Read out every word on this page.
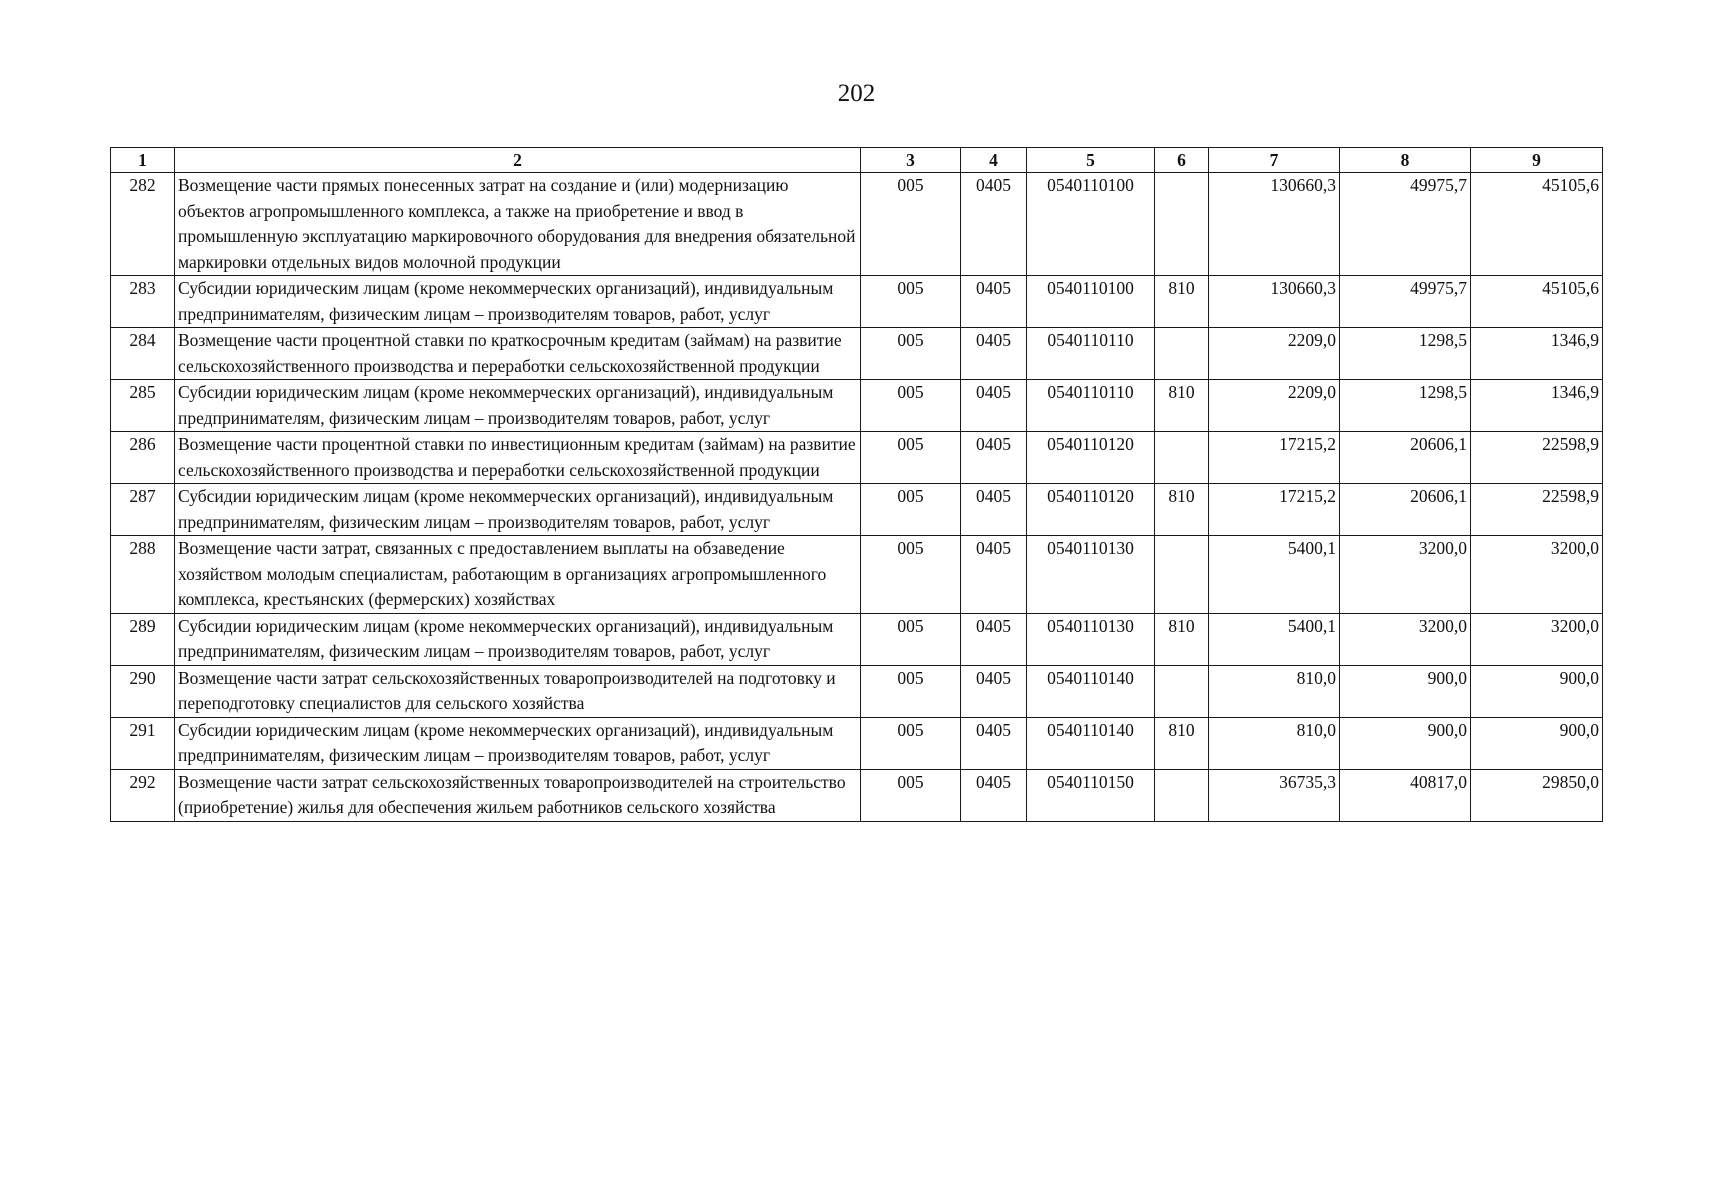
202
1	2	3	4	5	6	7	8	9
282	Возмещение части прямых понесенных затрат на создание и (или) модернизацию объектов агропромышленного комплекса, а также на приобретение и ввод в промышленную эксплуатацию маркировочного оборудования для внедрения обязательной маркировки отдельных видов молочной продукции	005	0405	0540110100		130660,3	49975,7	45105,6
283	Субсидии юридическим лицам (кроме некоммерческих организаций), индивидуальным предпринимателям, физическим лицам – производителям товаров, работ, услуг	005	0405	0540110100	810	130660,3	49975,7	45105,6
284	Возмещение части процентной ставки по краткосрочным кредитам (займам) на развитие сельскохозяйственного производства и переработки сельскохозяйственной продукции	005	0405	0540110110		2209,0	1298,5	1346,9
285	Субсидии юридическим лицам (кроме некоммерческих организаций), индивидуальным предпринимателям, физическим лицам – производителям товаров, работ, услуг	005	0405	0540110110	810	2209,0	1298,5	1346,9
286	Возмещение части процентной ставки по инвестиционным кредитам (займам) на развитие сельскохозяйственного производства и переработки сельскохозяйственной продукции	005	0405	0540110120		17215,2	20606,1	22598,9
287	Субсидии юридическим лицам (кроме некоммерческих организаций), индивидуальным предпринимателям, физическим лицам – производителям товаров, работ, услуг	005	0405	0540110120	810	17215,2	20606,1	22598,9
288	Возмещение части затрат, связанных с предоставлением выплаты на обзаведение хозяйством молодым специалистам, работающим в организациях агропромышленного комплекса, крестьянских (фермерских) хозяйствах	005	0405	0540110130		5400,1	3200,0	3200,0
289	Субсидии юридическим лицам (кроме некоммерческих организаций), индивидуальным предпринимателям, физическим лицам – производителям товаров, работ, услуг	005	0405	0540110130	810	5400,1	3200,0	3200,0
290	Возмещение части затрат сельскохозяйственных товаропроизводителей на подготовку и переподготовку специалистов для сельского хозяйства	005	0405	0540110140		810,0	900,0	900,0
291	Субсидии юридическим лицам (кроме некоммерческих организаций), индивидуальным предпринимателям, физическим лицам – производителям товаров, работ, услуг	005	0405	0540110140	810	810,0	900,0	900,0
292	Возмещение части затрат сельскохозяйственных товаропроизводителей на строительство (приобретение) жилья для обеспечения жильем работников сельского хозяйства	005	0405	0540110150		36735,3	40817,0	29850,0
